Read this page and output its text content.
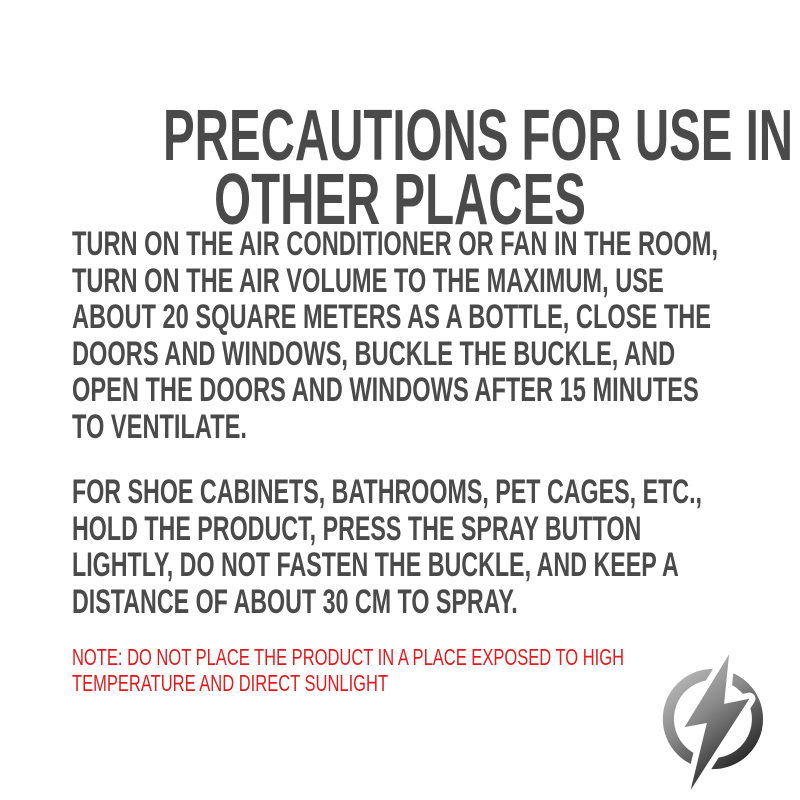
PRECAUTIONS FOR USE IN
OTHER PLACES
TURN ON THE AIR CONDITIONER OR FAN IN THE ROOM,
TURN ON THE AIR VOLUME TO THE MAXIMUM, USE
ABOUT 20 SQUARE METERS AS A BOTTLE, CLOSE THE
DOORS AND WINDOWS, BUCKLE THE BUCKLE, AND
OPEN THE DOORS AND WINDOWS AFTER 15 MINUTES
TO VENTILATE.
FOR SHOE CABINETS, BATHROOMS, PET CAGES, ETC.,
HOLD THE PRODUCT, PRESS THE SPRAY BUTTON
LIGHTLY, DO NOT FASTEN THE BUCKLE, AND KEEP A
DISTANCE OF ABOUT 30 CM TO SPRAY.
NOTE: DO NOT PLACE THE PRODUCT IN A PLACE EXPOSED TO HIGH
TEMPERATURE AND DIRECT SUNLIGHT
